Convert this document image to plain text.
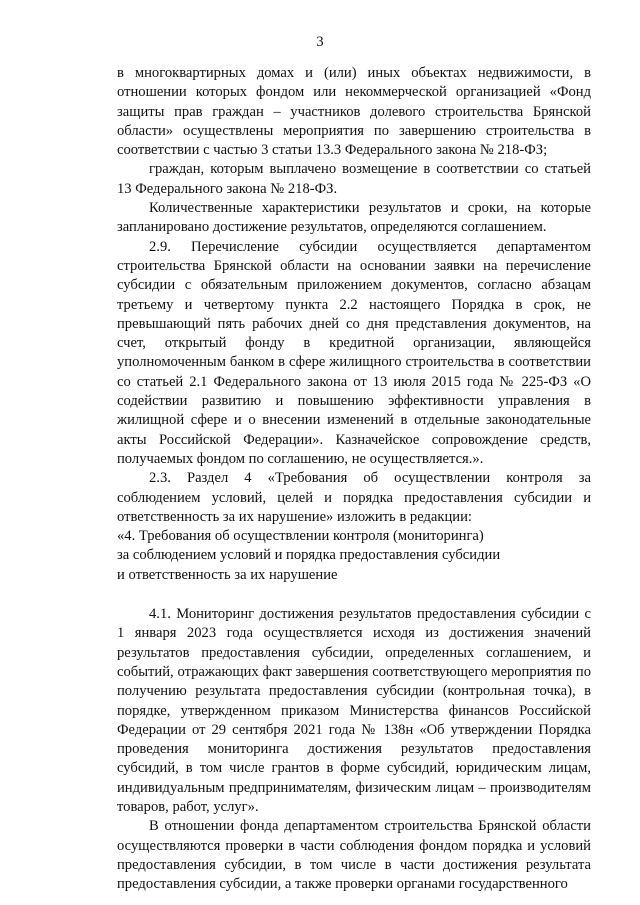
3

в многоквартирных домах и (или) иных объектах недвижимости, в отношении которых фондом или некоммерческой организацией «Фонд защиты прав граждан – участников долевого строительства Брянской области» осуществлены мероприятия по завершению строительства в соответствии с частью 3 статьи 13.3 Федерального закона № 218-ФЗ;

граждан, которым выплачено возмещение в соответствии со статьей 13 Федерального закона № 218-ФЗ.

Количественные характеристики результатов и сроки, на которые запланировано достижение результатов, определяются соглашением.

2.9. Перечисление субсидии осуществляется департаментом строительства Брянской области на основании заявки на перечисление субсидии с обязательным приложением документов, согласно абзацам третьему и четвертому пункта 2.2 настоящего Порядка в срок, не превышающий пять рабочих дней со дня представления документов, на счет, открытый фонду в кредитной организации, являющейся уполномоченным банком в сфере жилищного строительства в соответствии со статьей 2.1 Федерального закона от 13 июля 2015 года № 225-ФЗ «О содействии развитию и повышению эффективности управления в жилищной сфере и о внесении изменений в отдельные законодательные акты Российской Федерации». Казначейское сопровождение средств, получаемых фондом по соглашению, не осуществляется.».

2.3. Раздел 4 «Требования об осуществлении контроля за соблюдением условий, целей и порядка предоставления субсидии и ответственность за их нарушение» изложить в редакции:

«4. Требования об осуществлении контроля (мониторинга)

за соблюдением условий и порядка предоставления субсидии

и ответственность за их нарушение

4.1. Мониторинг достижения результатов предоставления субсидии с 1 января 2023 года осуществляется исходя из достижения значений результатов предоставления субсидии, определенных соглашением, и событий, отражающих факт завершения соответствующего мероприятия по получению результата предоставления субсидии (контрольная точка), в порядке, утвержденном приказом Министерства финансов Российской Федерации от 29 сентября 2021 года № 138н «Об утверждении Порядка проведения мониторинга достижения результатов предоставления субсидий, в том числе грантов в форме субсидий, юридическим лицам, индивидуальным предпринимателям, физическим лицам – производителям товаров, работ, услуг».

В отношении фонда департаментом строительства Брянской области осуществляются проверки в части соблюдения фондом порядка и условий предоставления субсидии, в том числе в части достижения результата предоставления субсидии, а также проверки органами государственного
